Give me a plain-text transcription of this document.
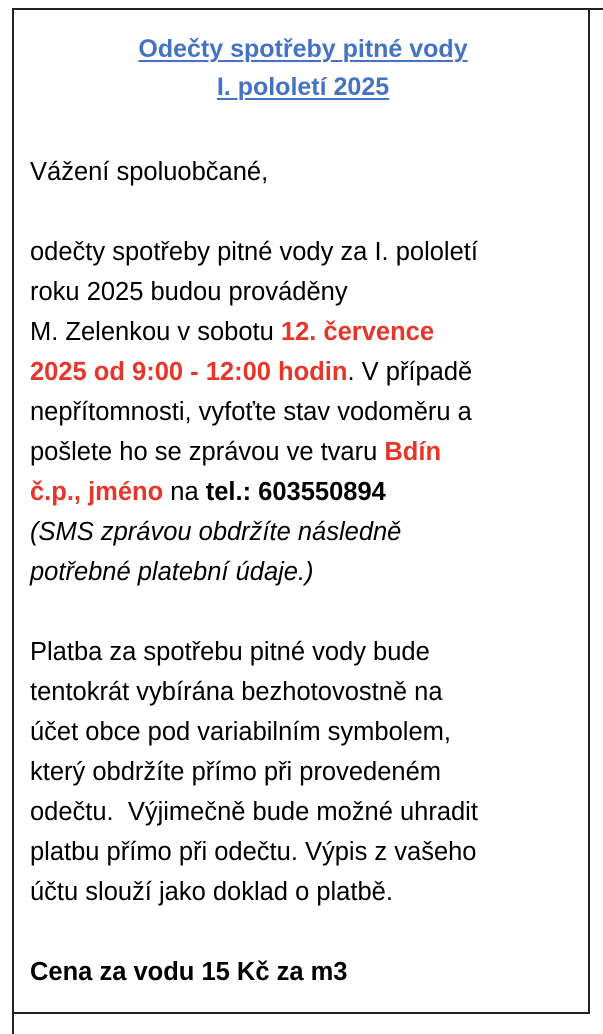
Odečty spotřeby pitné vody
I. pololetí 2025
Vážení spoluobčané,
odečty spotřeby pitné vody za I. pololetí
roku 2025 budou prováděny
M. Zelenkou v sobotu 12. července
2025 od 9:00 - 12:00 hodin. V případě
nepřítomnosti, vyfoťte stav vodoměru a
pošlete ho se zprávou ve tvaru Bdín
č.p., jméno na tel.: 603550894
(SMS zprávou obdržíte následně
potřebné platební údaje.)
Platba za spotřebu pitné vody bude
tentokrát vybírána bezhotovostně na
účet obce pod variabilním symbolem,
který obdržíte přímo při provedeném
odečtu.  Výjimečně bude možné uhradit
platbu přímo při odečtu. Výpis z vašeho
účtu slouží jako doklad o platbě.
Cena za vodu 15 Kč za m3
